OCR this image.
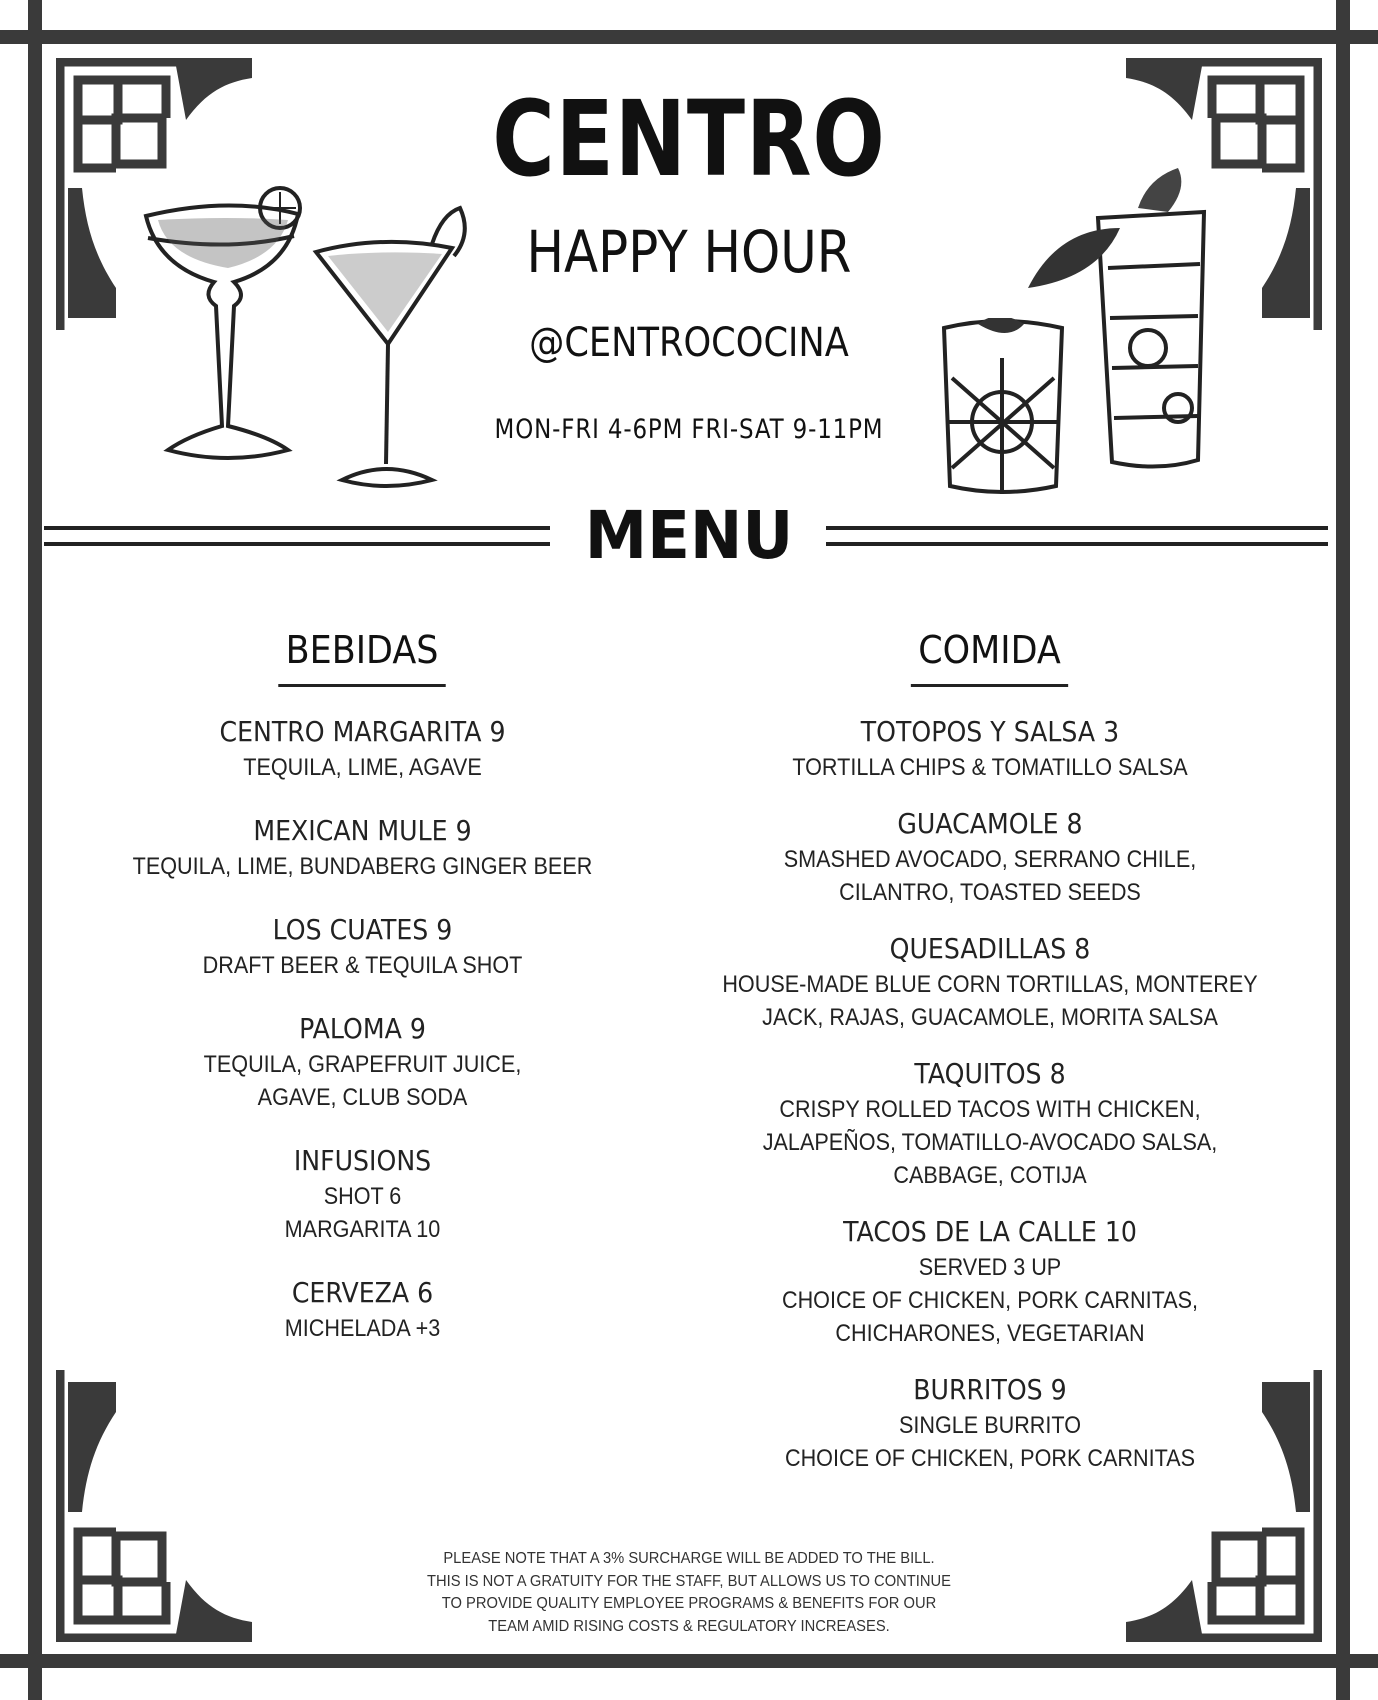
CENTRO
HAPPY HOUR
@CENTROCOCINA
MON-FRI 4-6PM FRI-SAT 9-11PM
MENU
BEBIDAS
CENTRO MARGARITA 9
TEQUILA, LIME, AGAVE
MEXICAN MULE 9
TEQUILA, LIME, BUNDABERG GINGER BEER
LOS CUATES 9
DRAFT BEER & TEQUILA SHOT
PALOMA 9
TEQUILA, GRAPEFRUIT JUICE,
AGAVE, CLUB SODA
INFUSIONS
SHOT 6
MARGARITA 10
CERVEZA 6
MICHELADA +3
COMIDA
TOTOPOS Y SALSA 3
TORTILLA CHIPS & TOMATILLO SALSA
GUACAMOLE 8
SMASHED AVOCADO, SERRANO CHILE,
CILANTRO, TOASTED SEEDS
QUESADILLAS 8
HOUSE-MADE BLUE CORN TORTILLAS, MONTEREY
JACK, RAJAS, GUACAMOLE, MORITA SALSA
TAQUITOS 8
CRISPY ROLLED TACOS WITH CHICKEN,
JALAPEÑOS, TOMATILLO-AVOCADO SALSA,
CABBAGE, COTIJA
TACOS DE LA CALLE 10
SERVED 3 UP
CHOICE OF CHICKEN, PORK CARNITAS,
CHICHARONES, VEGETARIAN
BURRITOS 9
SINGLE BURRITO
CHOICE OF CHICKEN, PORK CARNITAS
PLEASE NOTE THAT A 3% SURCHARGE WILL BE ADDED TO THE BILL.
THIS IS NOT A GRATUITY FOR THE STAFF, BUT ALLOWS US TO CONTINUE
TO PROVIDE QUALITY EMPLOYEE PROGRAMS & BENEFITS FOR OUR
TEAM AMID RISING COSTS & REGULATORY INCREASES.
